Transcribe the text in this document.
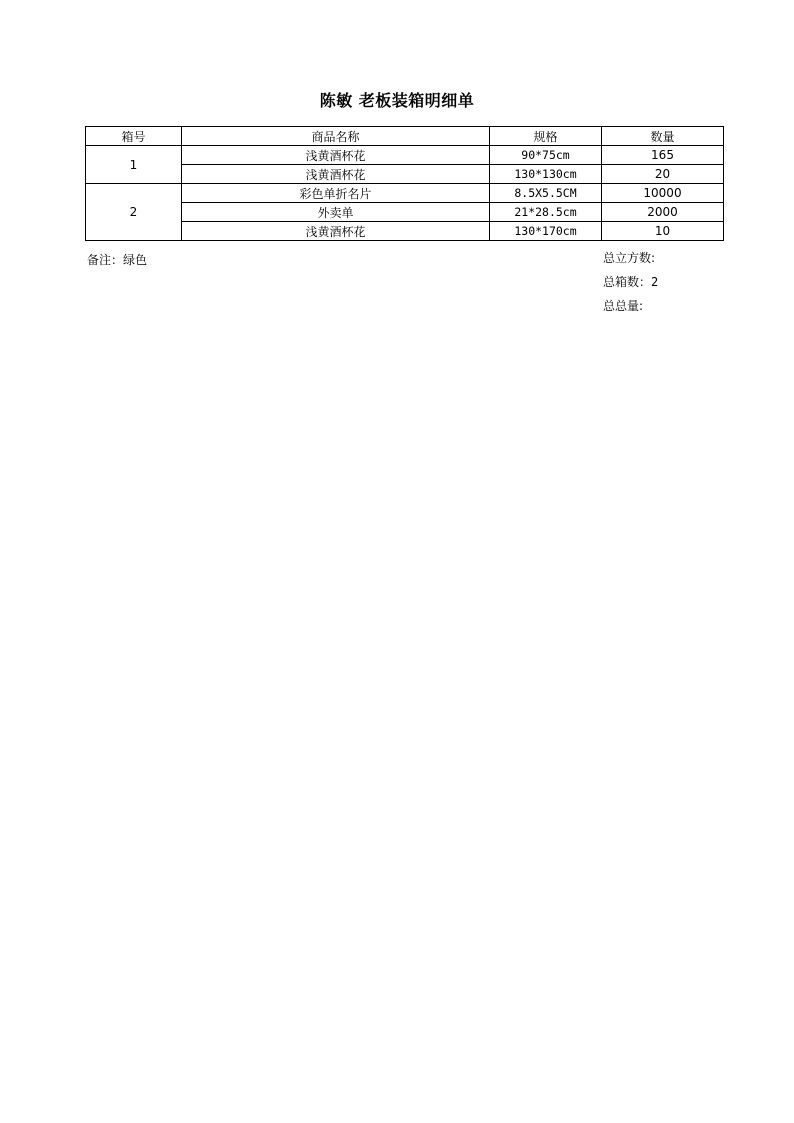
陈敏 老板装箱明细单
箱号	商品名称	规格	数量
1	浅黄酒杯花	90*75cm	165
	浅黄酒杯花	130*130cm	20
2	彩色单折名片	8.5X5.5CM	10000
	外卖单	21*28.5cm	2000
	浅黄酒杯花	130*170cm	10
备注：绿色	总立方数:
总箱数：2
总总量:
